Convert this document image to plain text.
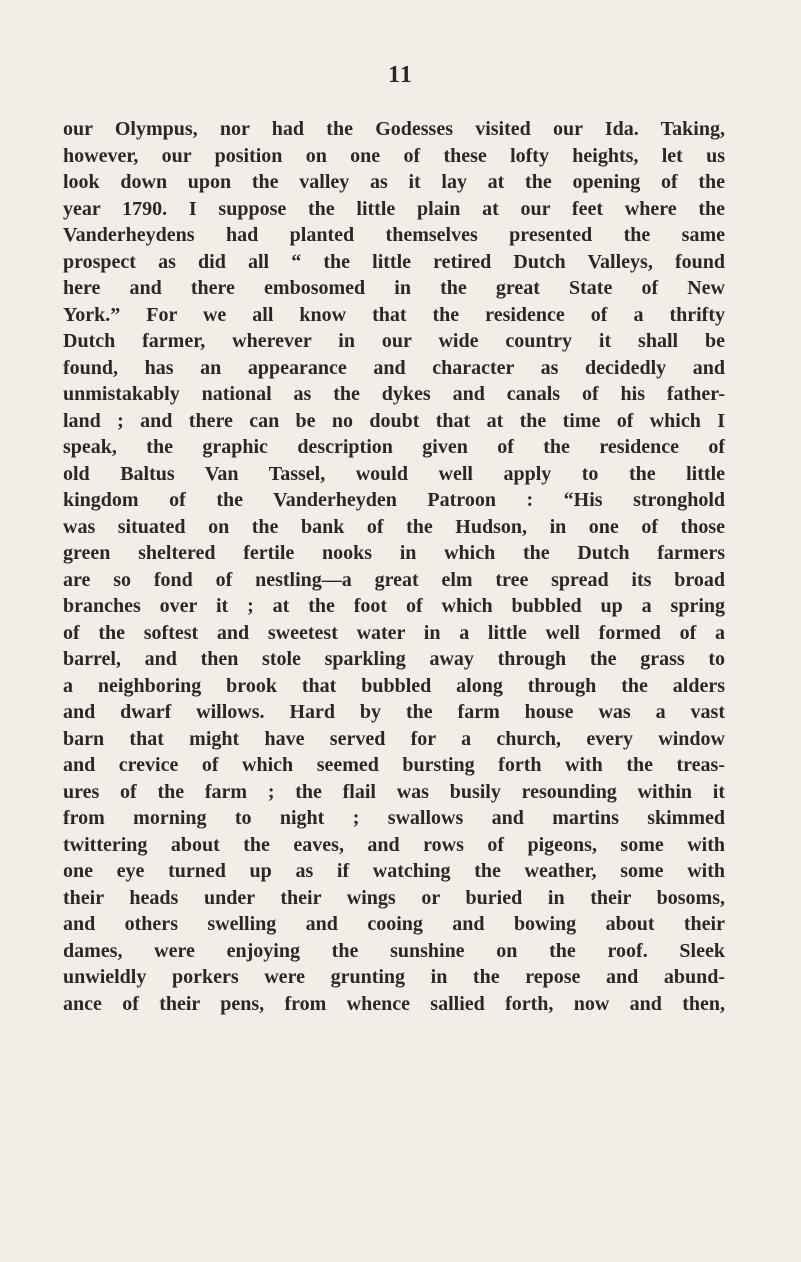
11
our Olympus, nor had the Godesses visited our Ida. Taking,
however, our position on one of these lofty heights, let us
look down upon the valley as it lay at the opening of the
year 1790. I suppose the little plain at our feet where the
Vanderheydens had planted themselves presented the same
prospect as did all “ the little retired Dutch Valleys, found
here and there embosomed in the great State of New
York.” For we all know that the residence of a thrifty
Dutch farmer, wherever in our wide country it shall be
found, has an appearance and character as decidedly and
unmistakably national as the dykes and canals of his father-
land ; and there can be no doubt that at the time of which I
speak, the graphic description given of the residence of
old Baltus Van Tassel, would well apply to the little
kingdom of the Vanderheyden Patroon : “His stronghold
was situated on the bank of the Hudson, in one of those
green sheltered fertile nooks in which the Dutch farmers
are so fond of nestling—a great elm tree spread its broad
branches over it ; at the foot of which bubbled up a spring
of the softest and sweetest water in a little well formed of a
barrel, and then stole sparkling away through the grass to
a neighboring brook that bubbled along through the alders
and dwarf willows. Hard by the farm house was a vast
barn that might have served for a church, every window
and crevice of which seemed bursting forth with the treas-
ures of the farm ; the flail was busily resounding within it
from morning to night ; swallows and martins skimmed
twittering about the eaves, and rows of pigeons, some with
one eye turned up as if watching the weather, some with
their heads under their wings or buried in their bosoms,
and others swelling and cooing and bowing about their
dames, were enjoying the sunshine on the roof. Sleek
unwieldly porkers were grunting in the repose and abund-
ance of their pens, from whence sallied forth, now and then,
